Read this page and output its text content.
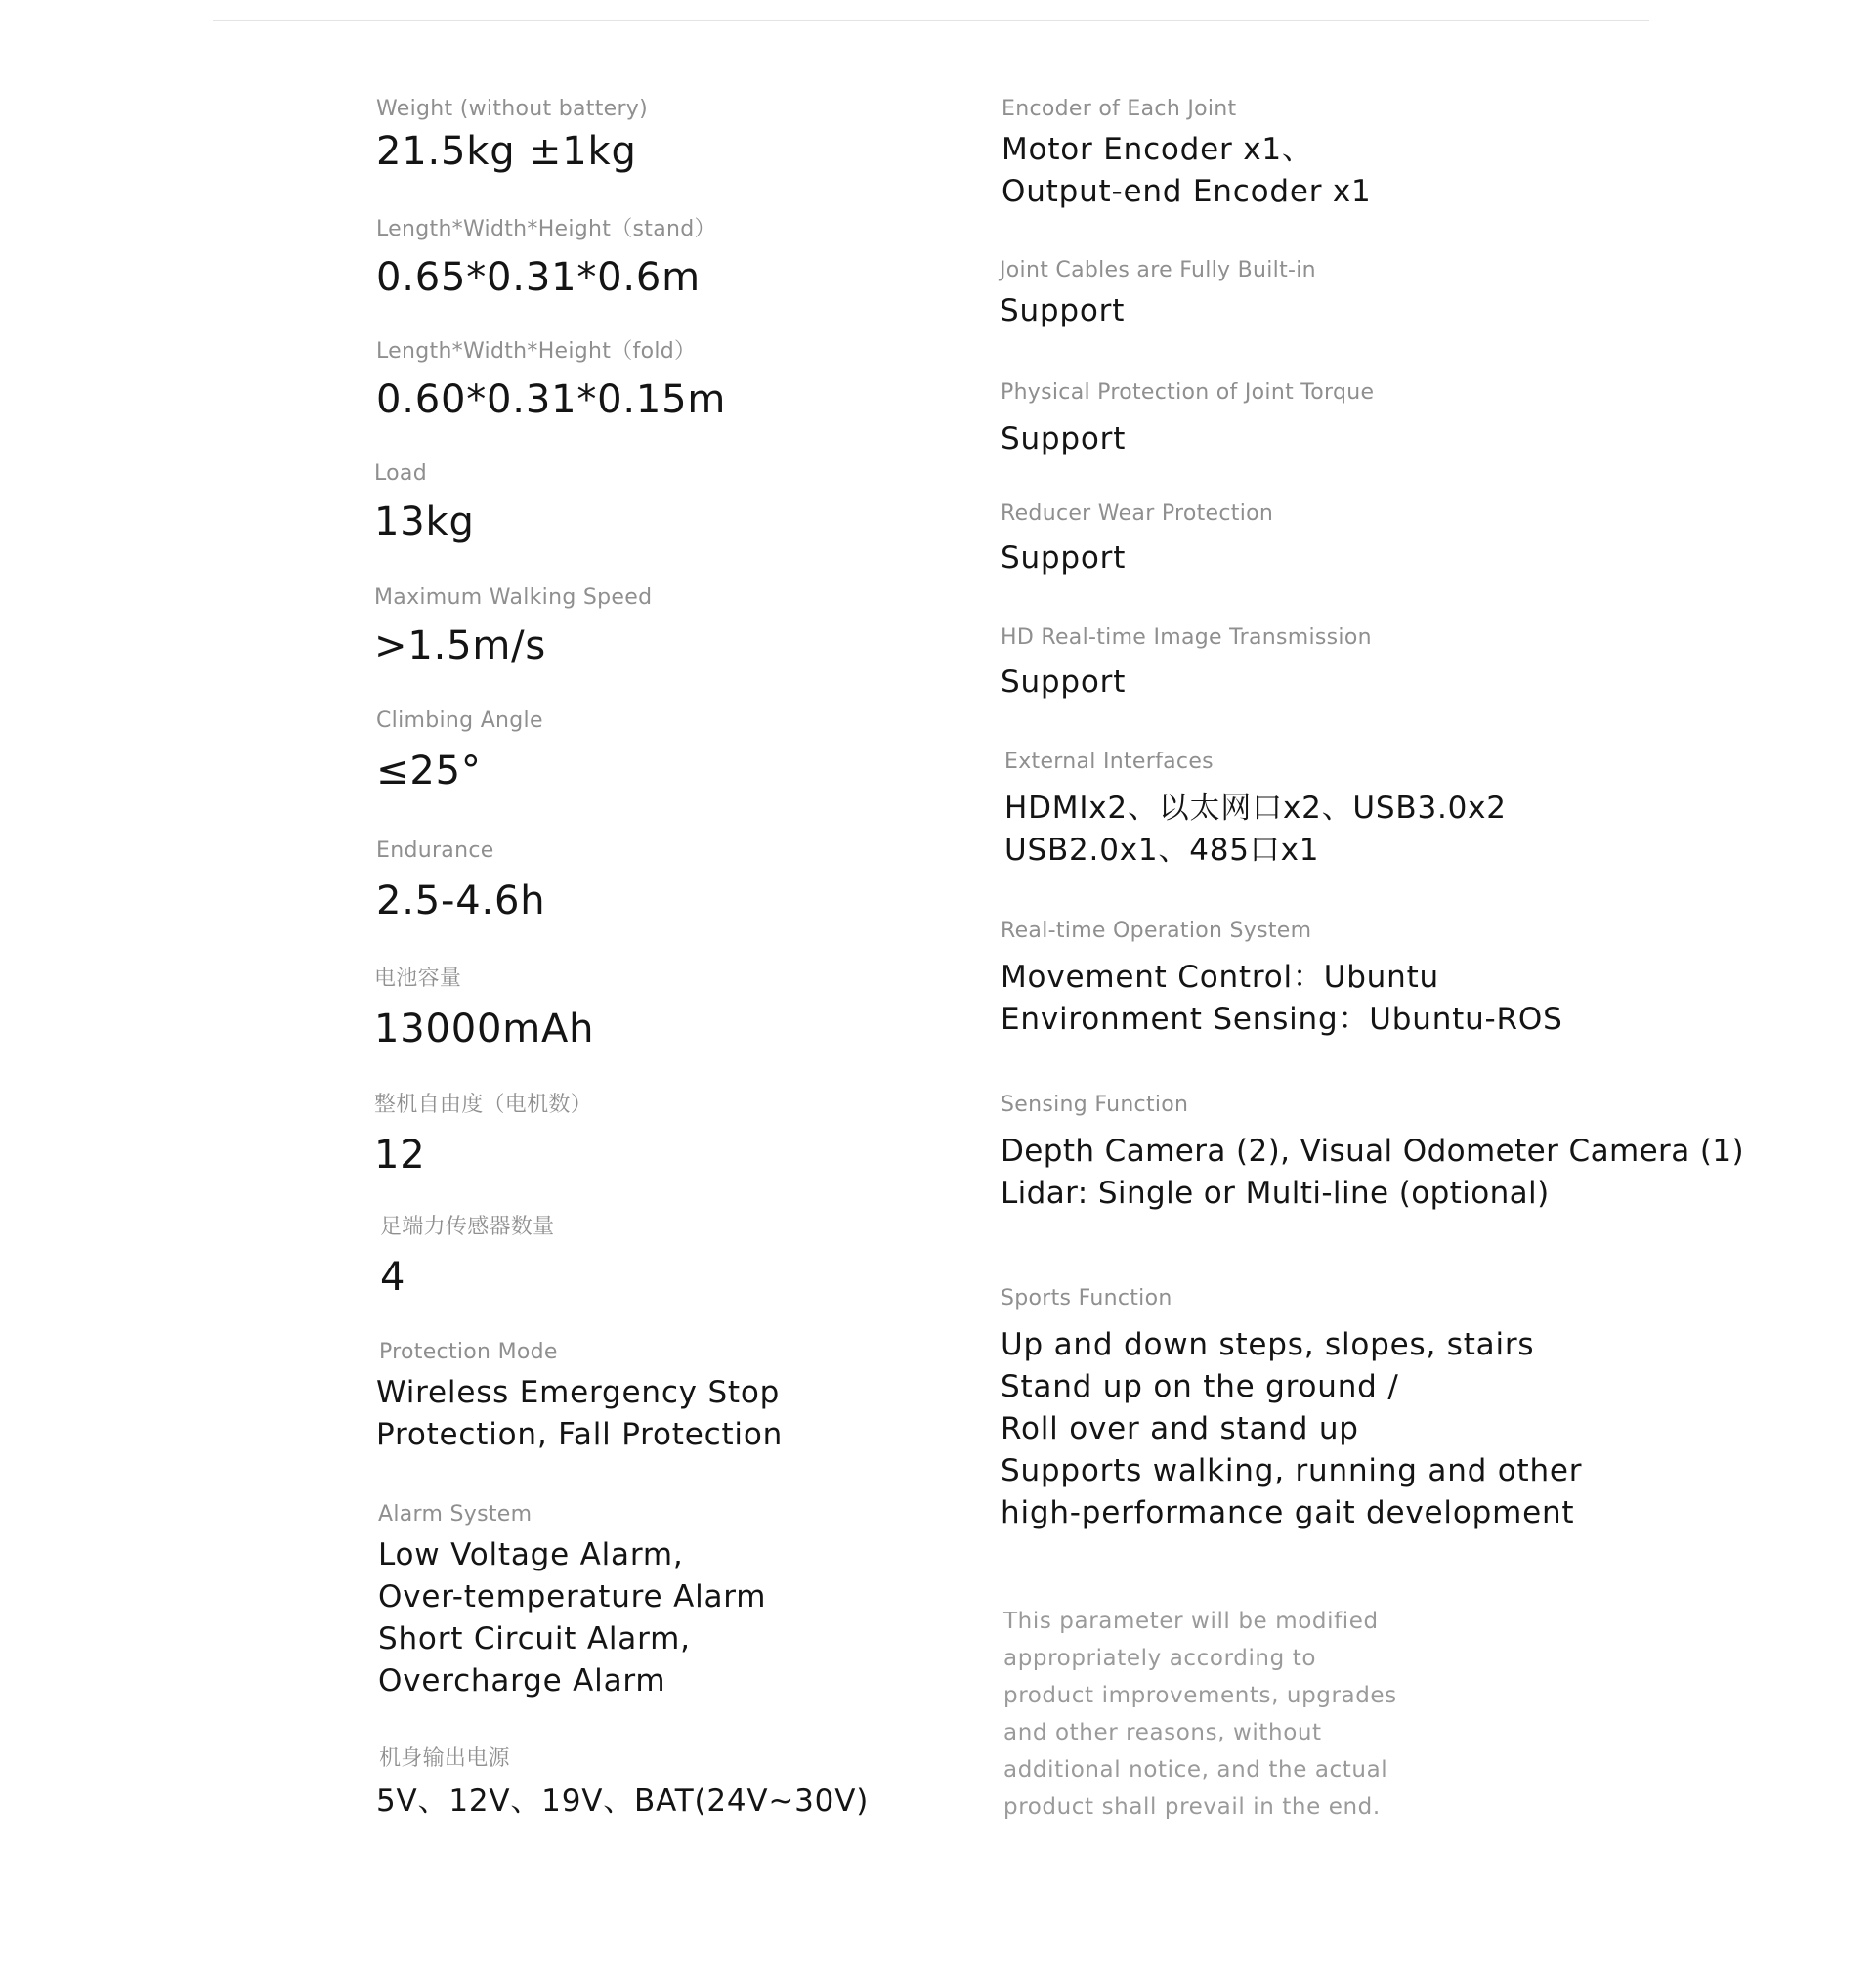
Weight (without battery)
21.5kg ±1kg
Length*Width*Height（stand）
0.65*0.31*0.6m
Length*Width*Height（fold）
0.60*0.31*0.15m
Load
13kg
Maximum Walking Speed
>1.5m/s
Climbing Angle
≤25°
Endurance
2.5-4.6h
电池容量
13000mAh
整机自由度（电机数）
12
足端力传感器数量
4
Protection Mode
Wireless Emergency Stop
Protection, Fall Protection
Alarm System
Low Voltage Alarm,
Over-temperature Alarm
Short Circuit Alarm,
Overcharge Alarm
机身输出电源
5V、12V、19V、BAT(24V~30V)
Encoder of Each Joint
Motor Encoder x1、
Output-end Encoder x1
Joint Cables are Fully Built-in
Support
Physical Protection of Joint Torque
Support
Reducer Wear Protection
Support
HD Real-time Image Transmission
Support
External Interfaces
HDMIx2、以太网口x2、USB3.0x2
USB2.0x1、485口x1
Real-time Operation System
Movement Control：Ubuntu
Environment Sensing：Ubuntu-ROS
Sensing Function
Depth Camera (2), Visual Odometer Camera (1)
Lidar: Single or Multi-line (optional)
Sports Function
Up and down steps, slopes, stairs
Stand up on the ground /
Roll over and stand up
Supports walking, running and other
high-performance gait development
This parameter will be modified
appropriately according to
product improvements, upgrades
and other reasons, without
additional notice, and the actual
product shall prevail in the end.
